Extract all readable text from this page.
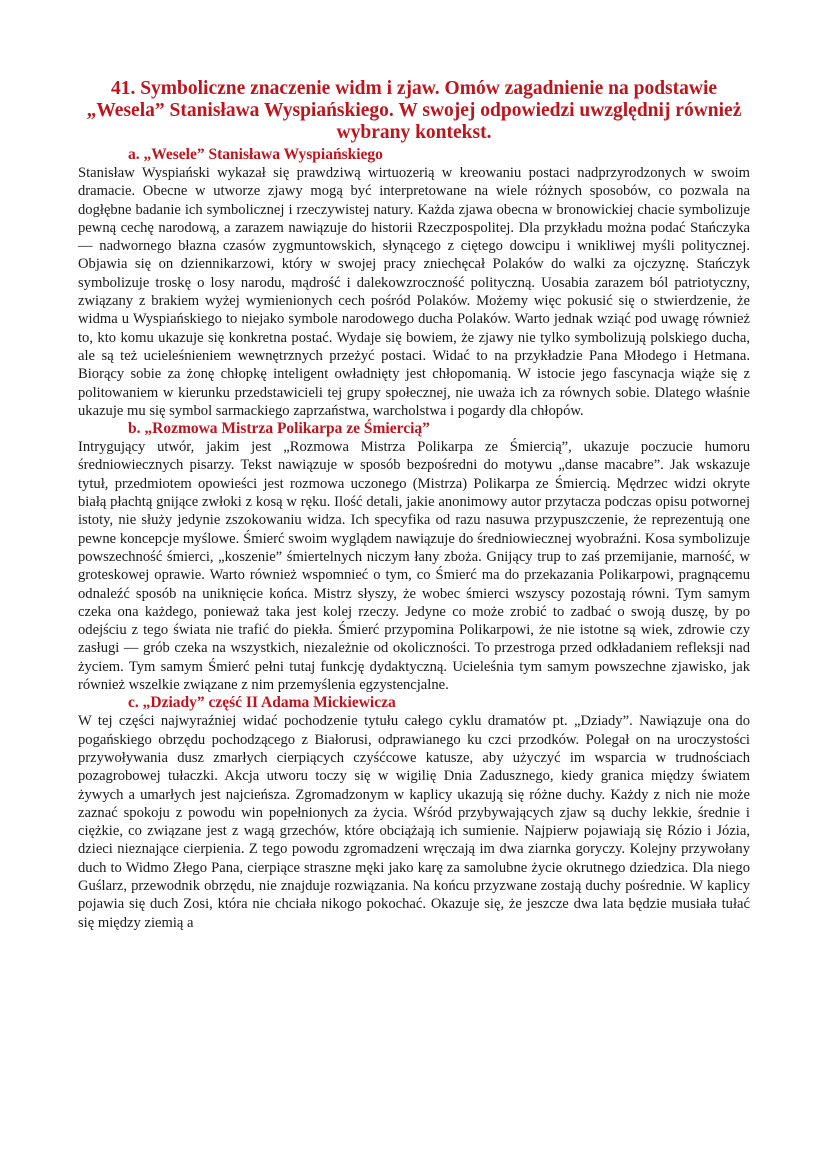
41. Symboliczne znaczenie widm i zjaw. Omów zagadnienie na podstawie „Wesela” Stanisława Wyspiańskiego. W swojej odpowiedzi uwzględnij również wybrany kontekst.
a. „Wesele” Stanisława Wyspiańskiego

Stanisław Wyspiański wykazał się prawdziwą wirtuozerią w kreowaniu postaci nadprzyrodzonych w swoim dramacie. Obecne w utworze zjawy mogą być interpretowane na wiele różnych sposobów, co pozwala na dogłębne badanie ich symbolicznej i rzeczywistej natury. Każda zjawa obecna w bronowickiej chacie symbolizuje pewną cechę narodową, a zarazem nawiązuje do historii Rzeczpospolitej. Dla przykładu można podać Stańczyka — nadwornego błazna czasów zygmuntowskich, słynącego z ciętego dowcipu i wnikliwej myśli politycznej. Objawia się on dziennikarzowi, który w swojej pracy zniechęcał Polaków do walki za ojczyznę. Stańczyk symbolizuje troskę o losy narodu, mądrość i dalekowzroczność polityczną. Uosabia zarazem ból patriotyczny, związany z brakiem wyżej wymienionych cech pośród Polaków. Możemy więc pokusić się o stwierdzenie, że widma u Wyspiańskiego to niejako symbole narodowego ducha Polaków. Warto jednak wziąć pod uwagę również to, kto komu ukazuje się konkretna postać. Wydaje się bowiem, że zjawy nie tylko symbolizują polskiego ducha, ale są też ucieleśnieniem wewnętrznych przeżyć postaci. Widać to na przykładzie Pana Młodego i Hetmana. Biorący sobie za żonę chłopkę inteligent owładnięty jest chłopomanią. W istocie jego fascynacja wiąże się z politowaniem w kierunku przedstawicieli tej grupy społecznej, nie uważa ich za równych sobie. Dlatego właśnie ukazuje mu się symbol sarmackiego zaprzaństwa, warcholstwa i pogardy dla chłopów.

b. „Rozmowa Mistrza Polikarpa ze Śmiercią”

Intrygujący utwór, jakim jest „Rozmowa Mistrza Polikarpa ze Śmiercią”, ukazuje poczucie humoru średniowiecznych pisarzy. Tekst nawiązuje w sposób bezpośredni do motywu „danse macabre”. Jak wskazuje tytuł, przedmiotem opowieści jest rozmowa uczonego (Mistrza) Polikarpa ze Śmiercią. Mędrzec widzi okryte białą płachtą gnijące zwłoki z kosą w ręku. Ilość detali, jakie anonimowy autor przytacza podczas opisu potwornej istoty, nie służy jedynie zszokowaniu widza. Ich specyfika od razu nasuwa przypuszczenie, że reprezentują one pewne koncepcje myślowe. Śmierć swoim wyglądem nawiązuje do średniowiecznej wyobraźni. Kosa symbolizuje powszechność śmierci, „koszenie” śmiertelnych niczym łany zboża. Gnijący trup to zaś przemijanie, marność, w groteskowej oprawie. Warto również wspomnieć o tym, co Śmierć ma do przekazania Polikarpowi, pragnącemu odnaleźć sposób na uniknięcie końca. Mistrz słyszy, że wobec śmierci wszyscy pozostają równi. Tym samym czeka ona każdego, ponieważ taka jest kolej rzeczy. Jedyne co może zrobić to zadbać o swoją duszę, by po odejściu z tego świata nie trafić do piekła. Śmierć przypomina Polikarpowi, że nie istotne są wiek, zdrowie czy zasługi — grób czeka na wszystkich, niezależnie od okoliczności. To przestroga przed odkładaniem refleksji nad życiem. Tym samym Śmierć pełni tutaj funkcję dydaktyczną. Ucieleśnia tym samym powszechne zjawisko, jak również wszelkie związane z nim przemyślenia egzystencjalne.

c. „Dziady” część II Adama Mickiewicza

W tej części najwyraźniej widać pochodzenie tytułu całego cyklu dramatów pt. „Dziady”. Nawiązuje ona do pogańskiego obrzędu pochodzącego z Białorusi, odprawianego ku czci przodków. Polegał on na uroczystości przywoływania dusz zmarłych cierpiących czyśćcowe katusze, aby użyczyć im wsparcia w trudnościach pozagrobowej tułaczki. Akcja utworu toczy się w wigilię Dnia Zadusznego, kiedy granica między światem żywych a umarłych jest najcieńsza. Zgromadzonym w kaplicy ukazują się różne duchy. Każdy z nich nie może zaznać spokoju z powodu win popełnionych za życia. Wśród przybywających zjaw są duchy lekkie, średnie i ciężkie, co związane jest z wagą grzechów, które obciążają ich sumienie. Najpierw pojawiają się Rózio i Józia, dzieci nieznające cierpienia. Z tego powodu zgromadzeni wręczają im dwa ziarnka goryczy. Kolejny przywołany duch to Widmo Złego Pana, cierpiące straszne męki jako karę za samolubne życie okrutnego dziedzica. Dla niego Guślarz, przewodnik obrzędu, nie znajduje rozwiązania. Na końcu przyzwane zostają duchy pośrednie. W kaplicy pojawia się duch Zosi, która nie chciała nikogo pokochać. Okazuje się, że jeszcze dwa lata będzie musiała tułać się między ziemią a
